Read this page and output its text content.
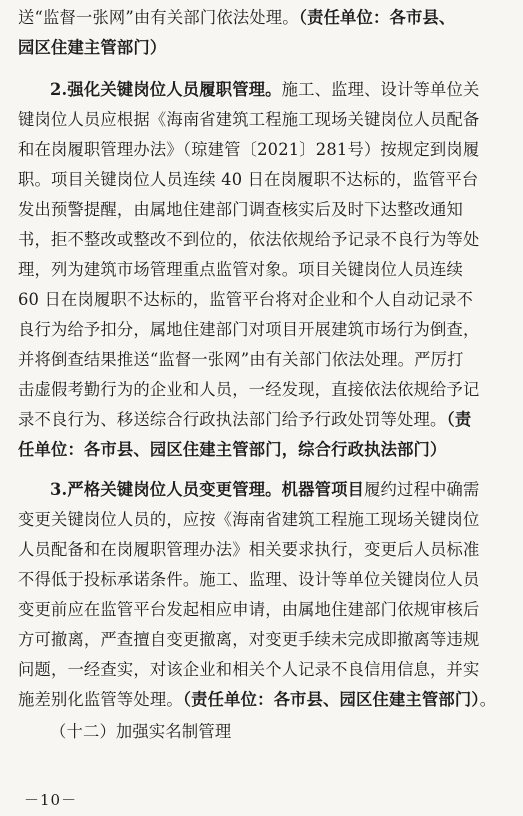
送“监督一张网”由有关部门依法处理。（责任单位：各市县、
园区住建主管部门）
2.强化关键岗位人员履职管理。施工、监理、设计等单位关
键岗位人员应根据《海南省建筑工程施工现场关键岗位人员配备
和在岗履职管理办法》（琼建管〔2021〕281号）按规定到岗履
职。项目关键岗位人员连续 40 日在岗履职不达标的，监管平台
发出预警提醒，由属地住建部门调查核实后及时下达整改通知
书，拒不整改或整改不到位的，依法依规给予记录不良行为等处
理，列为建筑市场管理重点监管对象。项目关键岗位人员连续
60 日在岗履职不达标的，监管平台将对企业和个人自动记录不
良行为给予扣分，属地住建部门对项目开展建筑市场行为倒查，
并将倒查结果推送“监督一张网”由有关部门依法处理。严厉打
击虚假考勤行为的企业和人员，一经发现，直接依法依规给予记
录不良行为、移送综合行政执法部门给予行政处罚等处理。（责
任单位：各市县、园区住建主管部门，综合行政执法部门）
3.严格关键岗位人员变更管理。机器管项目履约过程中确需
变更关键岗位人员的，应按《海南省建筑工程施工现场关键岗位
人员配备和在岗履职管理办法》相关要求执行，变更后人员标准
不得低于投标承诺条件。施工、监理、设计等单位关键岗位人员
变更前应在监管平台发起相应申请，由属地住建部门依规审核后
方可撤离，严查擅自变更撤离，对变更手续未完成即撤离等违规
问题，一经查实，对该企业和相关个人记录不良信用信息，并实
施差别化监管等处理。（责任单位：各市县、园区住建主管部门）。
（十二）加强实名制管理
－10－
